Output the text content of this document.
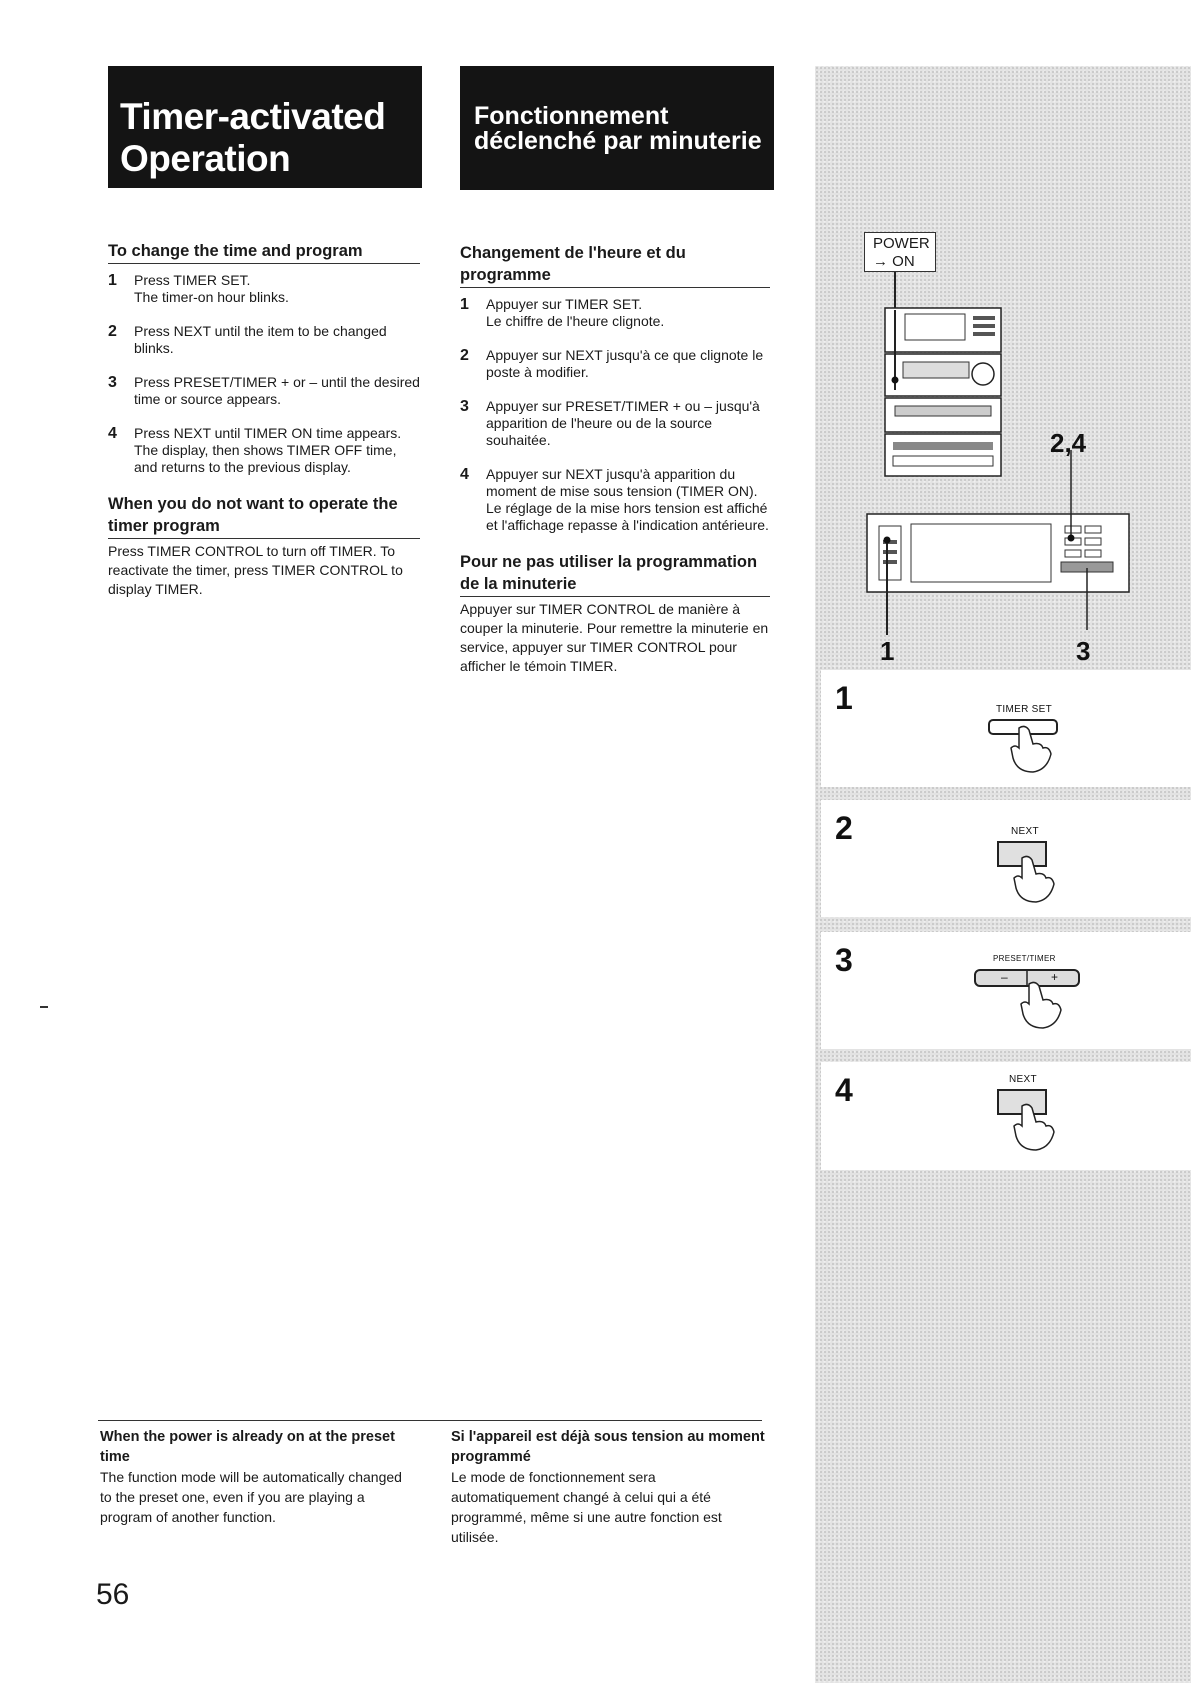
Timer-activated Operation
Fonctionnement déclenché par minuterie
To change the time and program
1 Press TIMER SET.
The timer-on hour blinks.
2 Press NEXT until the item to be changed blinks.
3 Press PRESET/TIMER + or – until the desired time or source appears.
4 Press NEXT until TIMER ON time appears.
The display, then shows TIMER OFF time, and returns to the previous display.
When you do not want to operate the timer program

Press TIMER CONTROL to turn off TIMER. To reactivate the timer, press TIMER CONTROL to display TIMER.

Changement de l'heure et du programme
1 Appuyer sur TIMER SET.
Le chiffre de l'heure clignote.
2 Appuyer sur NEXT jusqu'à ce que clignote le poste à modifier.
3 Appuyer sur PRESET/TIMER + ou – jusqu'à apparition de l'heure ou de la source souhaitée.
4 Appuyer sur NEXT jusqu'à apparition du moment de mise sous tension (TIMER ON).
Le réglage de la mise hors tension est affiché et l'affichage repasse à l'indication antérieure.
Pour ne pas utiliser la programmation de la minuterie

Appuyer sur TIMER CONTROL de manière à couper la minuterie. Pour remettre la minuterie en service, appuyer sur TIMER CONTROL pour afficher le témoin TIMER.

When the power is already on at the preset time
The function mode will be automatically changed to the preset one, even if you are playing a program of another function.
Si l'appareil est déjà sous tension au moment programmé
Le mode de fonctionnement sera automatiquement changé à celui qui a été programmé, même si une autre fonction est utilisée.
56
POWER
→ ON
2,4
1	3
1	TIMER SET
2	NEXT
3	PRESET/TIMER
–	+
4	NEXT
